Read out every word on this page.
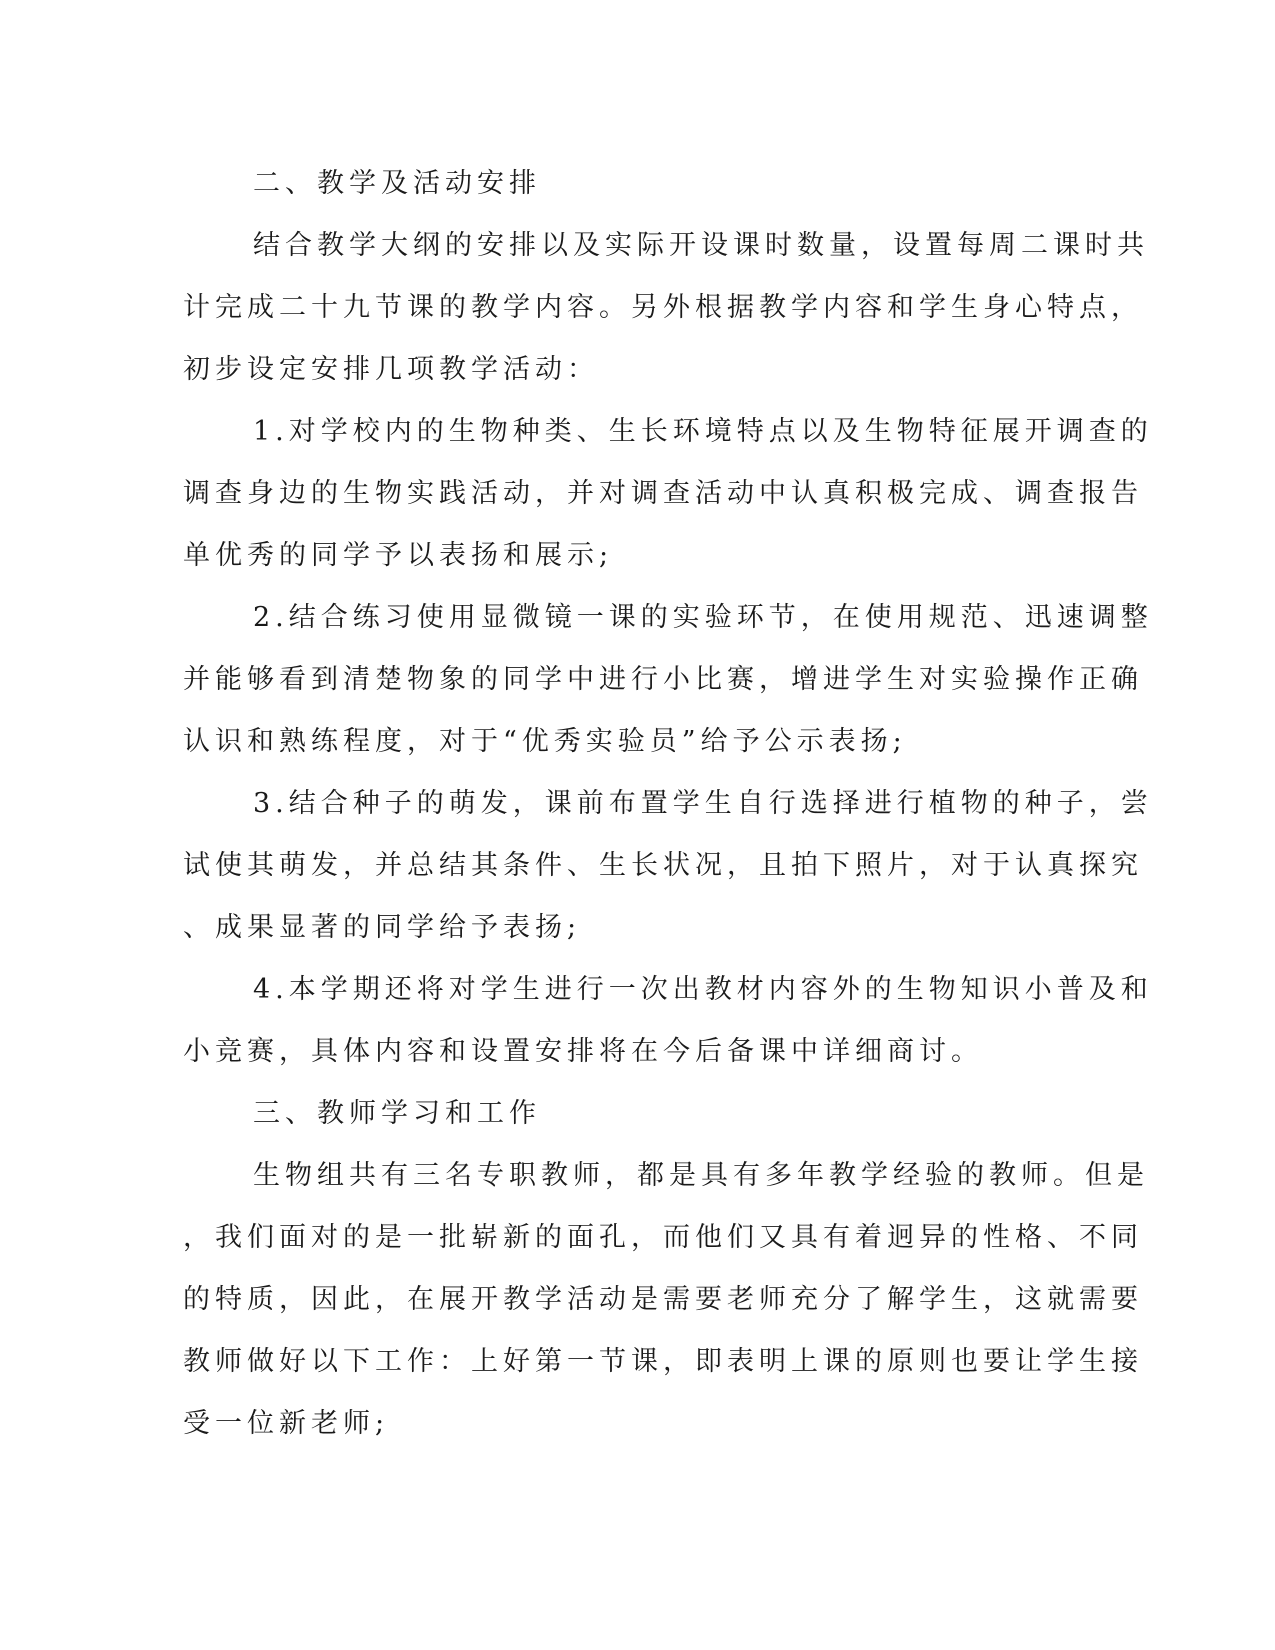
二、教学及活动安排
结合教学大纲的安排以及实际开设课时数量，设置每周二课时共
计完成二十九节课的教学内容。另外根据教学内容和学生身心特点，
初步设定安排几项教学活动：
1.对学校内的生物种类、生长环境特点以及生物特征展开调查的
调查身边的生物实践活动，并对调查活动中认真积极完成、调查报告
单优秀的同学予以表扬和展示;
2.结合练习使用显微镜一课的实验环节，在使用规范、迅速调整
并能够看到清楚物象的同学中进行小比赛，增进学生对实验操作正确
认识和熟练程度，对于“优秀实验员”给予公示表扬;
3.结合种子的萌发，课前布置学生自行选择进行植物的种子，尝
试使其萌发，并总结其条件、生长状况，且拍下照片，对于认真探究
、成果显著的同学给予表扬;
4.本学期还将对学生进行一次出教材内容外的生物知识小普及和
小竞赛，具体内容和设置安排将在今后备课中详细商讨。
三、教师学习和工作
生物组共有三名专职教师，都是具有多年教学经验的教师。但是
，我们面对的是一批崭新的面孔，而他们又具有着迥异的性格、不同
的特质，因此，在展开教学活动是需要老师充分了解学生，这就需要
教师做好以下工作：上好第一节课，即表明上课的原则也要让学生接
受一位新老师;
